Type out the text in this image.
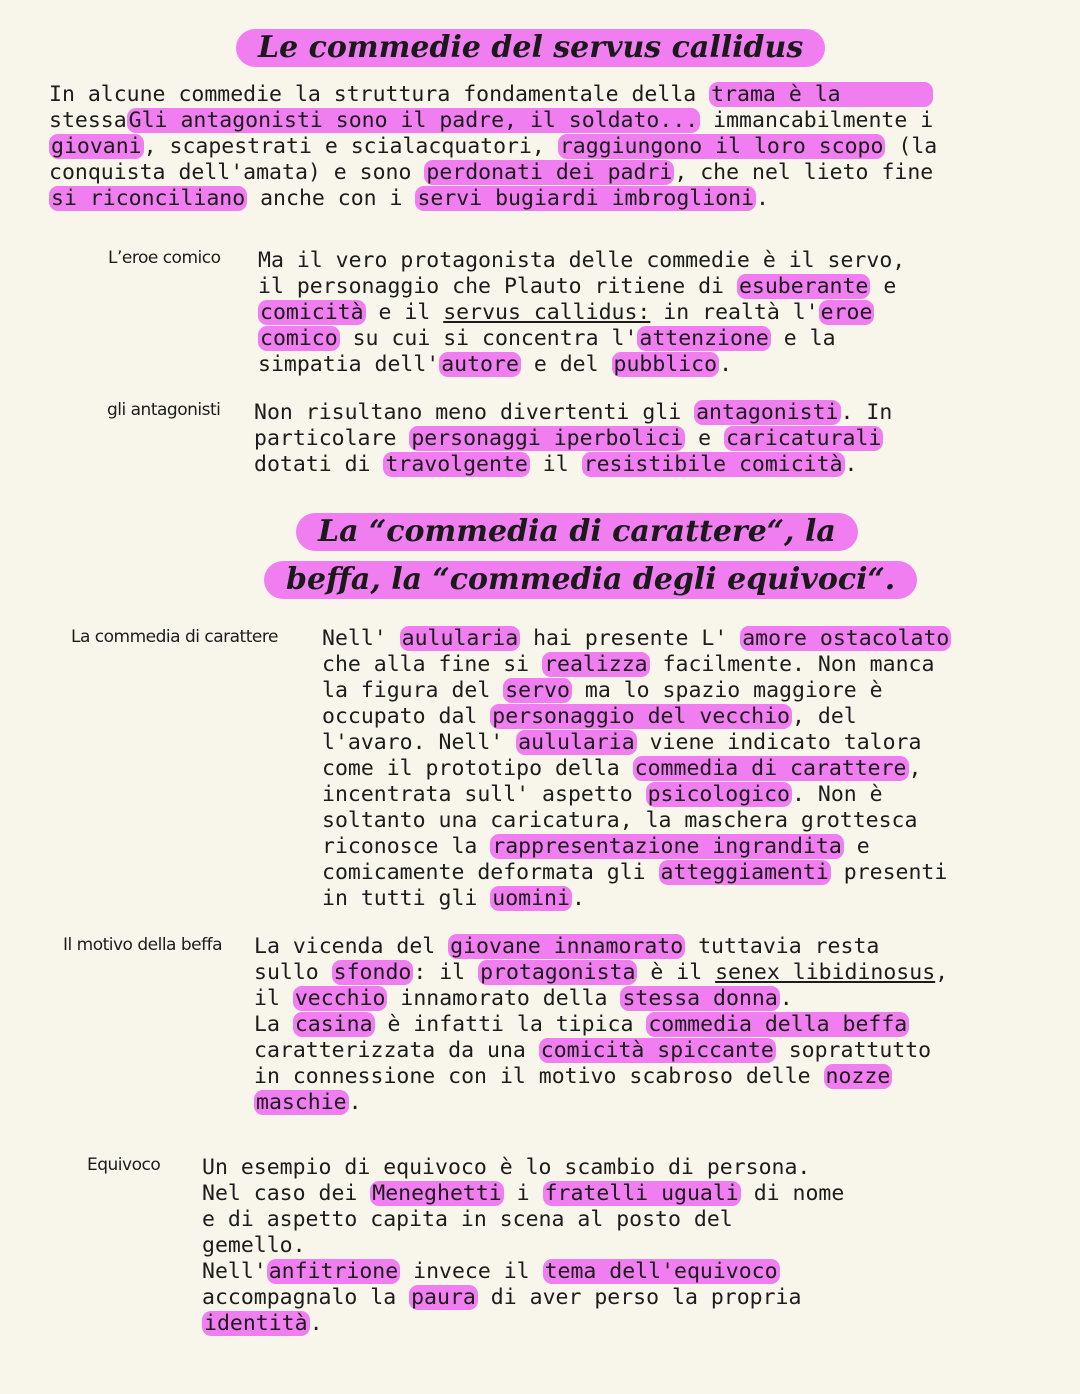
Le commedie del servus callidus

In alcune commedie la struttura fondamentale della trama è la
stessaGli antagonisti sono il padre, il soldato... immancabilmente i
giovani, scapestrati e scialacquatori, raggiungono il loro scopo (la
conquista dell'amata) e sono perdonati dei padri, che nel lieto fine
si riconciliano anche con i servi bugiardi imbroglioni.

L’eroe comico Ma il vero protagonista delle commedie è il servo,
il personaggio che Plauto ritiene di esuberante e
comicità e il servus callidus: in realtà l'eroe
comico su cui si concentra l'attenzione e la
simpatia dell'autore e del pubblico.

gli antagonisti Non risultano meno divertenti gli antagonisti. In
particolare personaggi iperbolici e caricaturali
dotati di travolgente il resistibile comicità.

La “commedia di carattere“, la
beffa, la “commedia degli equivoci“.
La commedia di carattere Nell' aulularia hai presente L' amore ostacolato
che alla fine si realizza facilmente. Non manca
la figura del servo ma lo spazio maggiore è
occupato dal personaggio del vecchio, del
l'avaro. Nell' aulularia viene indicato talora
come il prototipo della commedia di carattere,
incentrata sull' aspetto psicologico. Non è
soltanto una caricatura, la maschera grottesca
riconosce la rappresentazione ingrandita e
comicamente deformata gli atteggiamenti presenti
in tutti gli uomini.

Il motivo della beffa La vicenda del giovane innamorato tuttavia resta
sullo sfondo: il protagonista è il senex libidinosus,
il vecchio innamorato della stessa donna.
La casina è infatti la tipica commedia della beffa
caratterizzata da una comicità spiccante soprattutto
in connessione con il motivo scabroso delle nozze
maschie.

Equivoco Un esempio di equivoco è lo scambio di persona.
Nel caso dei Meneghetti i fratelli uguali di nome
e di aspetto capita in scena al posto del
gemello.
Nell'anfitrione invece il tema dell'equivoco
accompagnalo la paura di aver perso la propria
identità.
